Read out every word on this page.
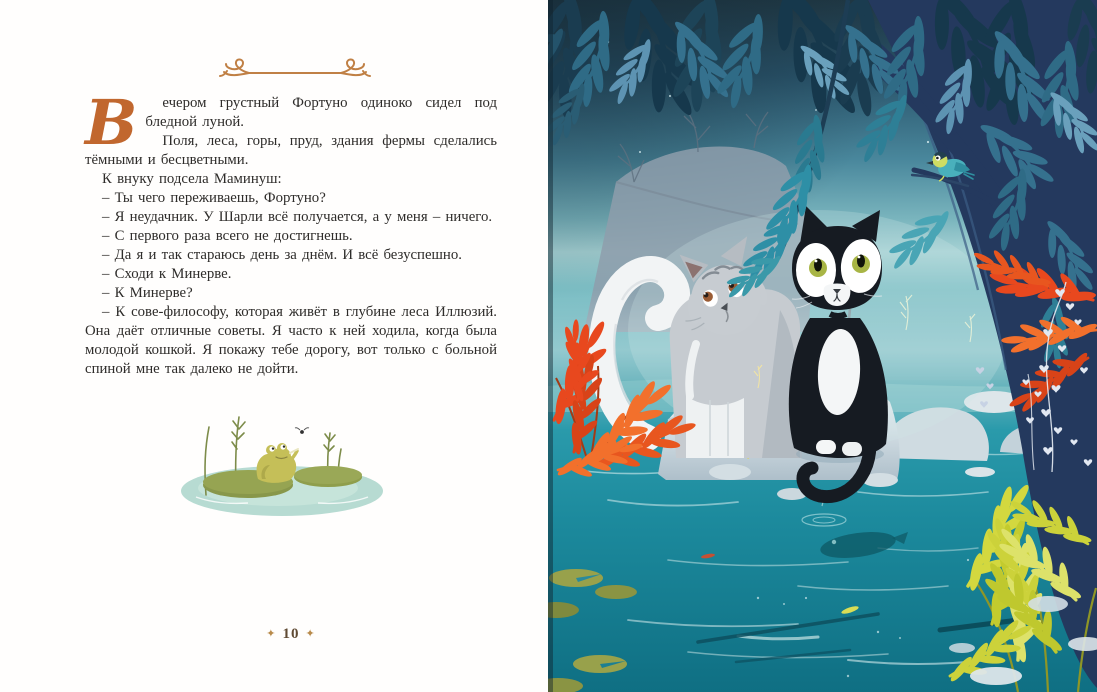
В	ечером грустный Фортуно одиноко сидел под бледной луной.

Поля, леса, горы, пруд, здания фермы сделались тёмными и бесцветными.

К внуку подсела Маминуш:

– Ты чего переживаешь, Фортуно?

– Я неудачник. У Шарли всё получается, а у меня – ничего.

– С первого раза всего не достигнешь.

– Да я и так стараюсь день за днём. И всё безуспешно.

– Сходи к Минерве.

– К Минерве?

– К сове-философу, которая живёт в глубине леса Иллюзий. Она даёт отличные советы. Я часто к ней ходила, когда была молодой кошкой. Я покажу тебе дорогу, вот только с больной спиной мне так далеко не дойти.

✦ 10 ✦
